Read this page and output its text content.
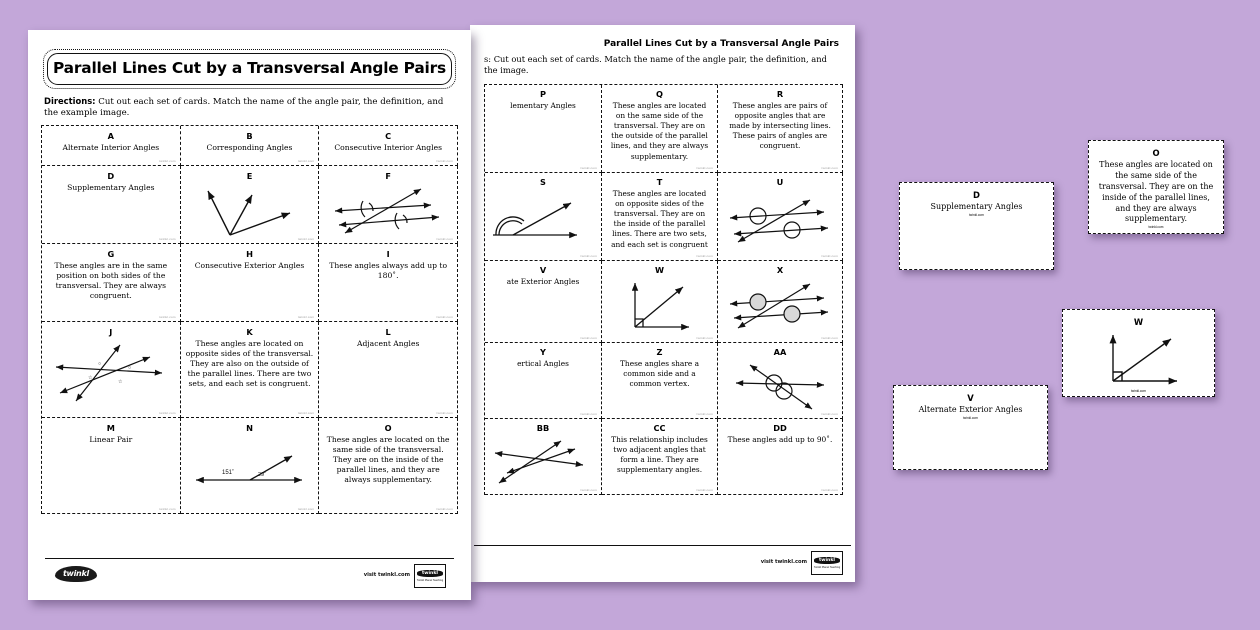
Parallel Lines Cut by a Transversal Angle Pairs
s: Cut out each set of cards. Match the name of the angle pair, the definition, and the image.
P
lementary Angles
twinkl.com
Q
These angles are located on the same side of the transversal. They are on the outside of the parallel lines, and they are always supplementary.
twinkl.com
R
These angles are pairs of opposite angles that are made by intersecting lines. These pairs of angles are congruent.
twinkl.com
S
twinkl.com
T
These angles are located on opposite sides of the transversal. They are on the inside of the parallel lines. There are two sets, and each set is congruent
twinkl.com
U
twinkl.com
V
ate Exterior Angles
twinkl.com
W
twinkl.com
X
twinkl.com
Y
ertical Angles
twinkl.com
Z
These angles share a common side and a common vertex.
twinkl.com
AA
twinkl.com
BB
twinkl.com
CC
This relationship includes two adjacent angles that form a line. They are supplementary angles.
twinkl.com
DD
These angles add up to 90˚.
twinkl.com
visit twinkl.com	twinkl
Twinkl Planet Teaching
Parallel Lines Cut by a Transversal Angle Pairs
Directions: Cut out each set of cards. Match the name of the angle pair, the definition, and the example image.
A
Alternate Interior Angles
twinkl.com
B
Corresponding Angles
twinkl.com
C
Consecutive Interior Angles
twinkl.com
D
Supplementary Angles
twinkl.com
E
twinkl.com
F
twinkl.com
G
These angles are in the same position on both sides of the transversal. They are always congruent.
twinkl.com
H
Consecutive Exterior Angles
twinkl.com
I
These angles always add up to 180˚.
twinkl.com
J
○
○
☆
☆
twinkl.com
K
These angles are located on opposite sides of the transversal. They are also on the outside of the parallel lines. There are two sets, and each set is congruent.
twinkl.com
L
Adjacent Angles
twinkl.com
M
Linear Pair
twinkl.com
N
151˚	29˚
twinkl.com
O
These angles are located on the same side of the transversal. They are on the inside of the parallel lines, and they are always supplementary.
twinkl.com
twinkl	visit twinkl.com	twinkl
Twinkl Planet Teaching
D
Supplementary Angles
twinkl.com
O
These angles are located on the same side of the transversal. They are on the inside of the parallel lines, and they are always supplementary.
twinkl.com
V
Alternate Exterior Angles
twinkl.com
W
twinkl.com
